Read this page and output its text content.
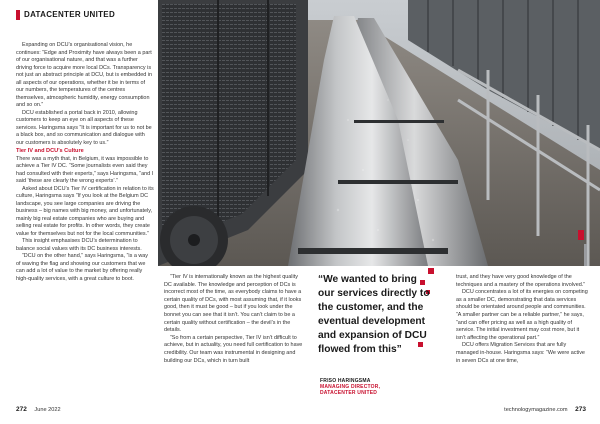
DATACENTER UNITED

Expanding on DCU’s organisational vision, he continues: “Edge and Proximity have always been a part of our organisational nature, and that was a further driving force to acquire more local DCs. Transparency is not just an abstract principle at DCU, but is embedded in all aspects of our operations, whether it be in terms of our numbers, the temperatures of the centres themselves, atmospheric humidity, energy consumption and so on.”

DCU established a portal back in 2010, allowing customers to keep an eye on all aspects of these services. Haringsma says “It is important for us to not be a black box, and so communication and dialogue with our customers is absolutely key to us.”

Tier IV and DCU’s Culture

There was a myth that, in Belgium, it was impossible to achieve a Tier IV DC. “Some journalists even said they had consulted with their experts,” says Haringsma, “and I said ‘these are clearly the wrong experts’.”

Asked about DCU’s Tier IV certification in relation to its culture, Haringsma says “If you look at the Belgium DC landscape, you see large companies are driving the business – big names with big money, and unfortunately, mainly big real estate companies who are buying and selling real estate for profits. In other words, they create value for themselves but not for the local communities.”

This insight emphasises DCU’s determination to balance social values with its DC business interests.

“DCU on the other hand,” says Haringsma, “is a way of waving the flag and showing our customers that we can add a lot of value to the market by offering really high-quality services, with a great culture to boot.	“Tier IV is internationally known as the highest quality DC available. The knowledge and perception of DCs is incorrect most of the time, as everybody claims to have a certain quality of DCs, with most assuming that, if it looks good, then it must be good – but if you look under the bonnet you can see that it isn’t. You can’t claim to be a certain quality without certification – the devil’s in the details.

“So from a certain perspective, Tier IV isn’t difficult to achieve, but in actuality, you need full certification to have credibility. Our team was instrumental in designing and building our DCs, which in turn built

“We wanted to bring our services directly to the customer, and the eventual development and expansion of DCU flowed from this”
FRISO HARINGSMA
MANAGING DIRECTOR,
DATACENTER UNITED

trust, and they have very good knowledge of the techniques and a mastery of the operations involved.”

DCU concentrates a lot of its energies on competing as a smaller DC, demonstrating that data services should be orientated around people and communities. “A smaller partner can be a reliable partner,” he says, “and can offer pricing as well as a high quality of service. The initial investment may cost more, but it isn’t affecting the operational part.”

DCU offers Migration Services that are fully managed in-house. Haringsma says: “We were active in seven DCs at one time,

272 June 2022	technologymagazine.com 273
